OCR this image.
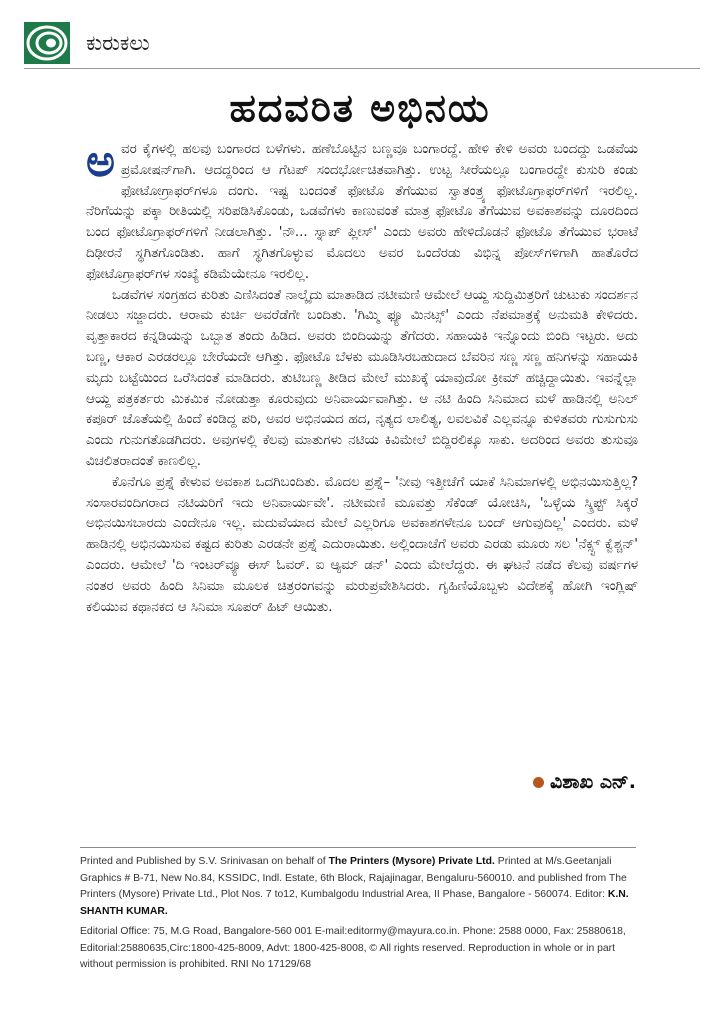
ಕುರುಕಲು
ಹದವರಿತ ಅಭಿನಯ

ಅವರ ಕೈಗಳಲ್ಲಿ ಹಲವು ಬಂಗಾರದ ಬಳೆಗಳು. ಹಣೆಬೊಟ್ಟಿನ ಬಣ್ಣವೂ ಬಂಗಾರದ್ದೆ. ಹೇಳಿ ಕೇಳಿ ಅವರು ಬಂದದ್ದು ಒಡವೆಯ ಪ್ರಮೋಷನ್‌ಗಾಗಿ. ಆದದ್ದರಿಂದ ಆ ಗೆಟಪ್ ಸಂದರ್ಭೋಚಿತವಾಗಿತ್ತು. ಉಟ್ಟ ಸೀರೆಯಲ್ಲೂ ಬಂಗಾರದ್ದೇ ಕುಸುರಿ ಕಂಡು ಫೋಟೋಗ್ರಾಫರ್‌ಗಳೂ ದಂಗು. ಇಷ್ಟ ಬಂದಂತೆ ಫೋಟೊ ತೆಗೆಯುವ ಸ್ವಾತಂತ್ರ್ಯ ಫೋಟೊಗ್ರಾಫರ್‌ಗಳಿಗೆ ಇರಲಿಲ್ಲ. ನೆರಿಗೆಯನ್ನು ಪಕ್ಕಾ ರೀತಿಯಲ್ಲಿ ಸರಿಪಡಿಸಿಕೊಂಡು, ಒಡವೆಗಳು ಕಾಣುವಂತೆ ಮಾತ್ರ ಫೋಟೊ ತೆಗೆಯುವ ಅವಕಾಶವನ್ನು ದೂರದಿಂದ ಬಂದ ಫೋಟೊಗ್ರಾಫರ್‌ಗಳಿಗೆ ನೀಡಲಾಗಿತ್ತು. 'ನೌ... ಸ್ನಾಪ್ ಪ್ಲೀಸ್' ಎಂದು ಅವರು ಹೇಳಿದೊಡನೆ ಫೋಟೊ ತೆಗೆಯುವ ಭರಾಟೆ ದಿಢೀರನೆ ಸ್ಥಗಿತಗೊಂಡಿತು. ಹಾಗೆ ಸ್ಥಗಿತಗೊಳ್ಳುವ ಮೊದಲು ಅವರ ಒಂದೆರಡು ವಿಭಿನ್ನ ಪೋಸ್‌ಗಳಿಗಾಗಿ ಹಾತೊರೆದ ಫೋಟೊಗ್ರಾಫರ್‌ಗಳ ಸಂಖ್ಯೆ ಕಡಿಮೆಯೇನೂ ಇರಲಿಲ್ಲ.

ಒಡವೆಗಳ ಸಂಗ್ರಹದ ಕುರಿತು ಎಣಿಸಿದಂತೆ ನಾಲ್ಕೈದು ಮಾತಾಡಿದ ನಟೀಮಣಿ ಆಮೇಲೆ ಆಯ್ದ ಸುದ್ದಿಮಿತ್ರರಿಗೆ ಚುಟುಕು ಸಂದರ್ಶನ ನೀಡಲು ಸಜ್ಜಾದರು. ಆರಾಮ ಕುರ್ಚಿ ಅವರೆಡೆಗೇ ಬಂದಿತು. 'ಗಿಮ್ಮಿ ಫ್ಯೂ ಮಿನಟ್ಸ್' ಎಂದು ನೆಪಮಾತ್ರಕ್ಕೆ ಅನುಮತಿ ಕೇಳಿದರು. ವೃತ್ತಾಕಾರದ ಕನ್ನಡಿಯನ್ನು ಒಬ್ಬಾತ ತಂದು ಹಿಡಿದ. ಅವರು ಬಿಂದಿಯನ್ನು ತೆಗೆದರು. ಸಹಾಯಕಿ ಇನ್ನೊಂದು ಬಿಂದಿ ಇಟ್ಟರು. ಅದು ಬಣ್ಣ, ಆಕಾರ ಎರಡರಲ್ಲೂ ಬೇರೆಯದೇ ಆಗಿತ್ತು. ಫೋಟೊ ಬೆಳಕು ಮೂಡಿಸಿರಬಹುದಾದ ಬೆವರಿನ ಸಣ್ಣ ಸಣ್ಣ ಹನಿಗಳನ್ನು ಸಹಾಯಕಿ ಮೃದು ಬಟ್ಟೆಯಿಂದ ಒರೆಸಿದಂತೆ ಮಾಡಿದರು. ತುಟಿಬಣ್ಣ ತೀಡಿದ ಮೇಲೆ ಮುಖಕ್ಕೆ ಯಾವುದೋ ಕ್ರೀಮ್ ಹಚ್ಚಿದ್ದಾಯಿತು. ಇವನ್ನೆಲ್ಲಾ ಆಯ್ದ ಪತ್ರಕರ್ತರು ಮಿಕಮಿಕ ನೋಡುತ್ತಾ ಕೂರುವುದು ಅನಿವಾರ್ಯವಾಗಿತ್ತು. ಆ ನಟಿ ಹಿಂದಿ ಸಿನಿಮಾದ ಮಳೆ ಹಾಡಿನಲ್ಲಿ ಅನಿಲ್ ಕಪೂರ್ ಜೊತೆಯಲ್ಲಿ ಹಿಂದೆ ಕಂಡಿದ್ದ ಪರಿ, ಅವರ ಅಭಿನಯದ ಹದ, ನೃತ್ಯದ ಲಾಲಿತ್ಯ, ಲವಲವಿಕೆ ಎಲ್ಲವನ್ನೂ ಕುಳಿತವರು ಗುಸುಗುಸು ಎಂದು ಗುನುಗತೊಡಗಿದರು. ಅವುಗಳಲ್ಲಿ ಕೆಲವು ಮಾತುಗಳು ನಟಿಯ ಕಿವಿಮೇಲೆ ಬಿದ್ದಿರಲಿಕ್ಕೂ ಸಾಕು. ಅದರಿಂದ ಅವರು ತುಸುವೂ ವಿಚಲಿತರಾದಂತೆ ಕಾಣಲಿಲ್ಲ.

ಕೊನೆಗೂ ಪ್ರಶ್ನೆ ಕೇಳುವ ಅವಕಾಶ ಒದಗಿಬಂದಿತು. ಮೊದಲ ಪ್ರಶ್ನೆ– 'ನೀವು ಇತ್ತೀಚೆಗೆ ಯಾಕೆ ಸಿನಿಮಾಗಳಲ್ಲಿ ಅಭಿನಯಿಸುತ್ತಿಲ್ಲ? ಸಂಸಾರವಂದಿಗರಾದ ನಟಿಯರಿಗೆ ಇದು ಅನಿವಾರ್ಯವೇ'. ನಟೀಮಣಿ ಮೂವತ್ತು ಸೆಕೆಂಡ್ ಯೋಚಿಸಿ, 'ಒಳ್ಳೆಯ ಸ್ಕ್ರಿಪ್ಟ್ ಸಿಕ್ಕರೆ ಅಭಿನಯಿಸಬಾರದು ಎಂದೇನೂ ಇಲ್ಲ. ಮದುವೆಯಾದ ಮೇಲೆ ಎಲ್ಲರಿಗೂ ಅವಕಾಶಗಳೇನೂ ಬಂದ್ ಆಗುವುದಿಲ್ಲ' ಎಂದರು. ಮಳೆ ಹಾಡಿನಲ್ಲಿ ಅಭಿನಯಿಸುವ ಕಷ್ಟದ ಕುರಿತು ಎರಡನೇ ಪ್ರಶ್ನೆ ಎದುರಾಯಿತು. ಅಲ್ಲಿಂದಾಚೆಗೆ ಅವರು ಎರಡು ಮೂರು ಸಲ 'ನೆಕ್ಸ್ಟ್ ಕ್ವೆಶ್ಚನ್' ಎಂದರು. ಆಮೇಲೆ 'ದಿ ಇಂಟರ್‌ವ್ಯೂ ಈಸ್ ಓವರ್. ಐ ಆ್ಯಮ್ ಡನ್' ಎಂದು ಮೇಲೆದ್ದರು. ಈ ಘಟನೆ ನಡೆದ ಕೆಲವು ವರ್ಷಗಳ ನಂತರ ಅವರು ಹಿಂದಿ ಸಿನಿಮಾ ಮೂಲಕ ಚಿತ್ರರಂಗವನ್ನು ಮರುಪ್ರವೇಶಿಸಿದರು. ಗೃಹಿಣಿಯೊಬ್ಬಳು ವಿದೇಶಕ್ಕೆ ಹೋಗಿ ಇಂಗ್ಲಿಷ್ ಕಲಿಯುವ ಕಥಾನಕದ ಆ ಸಿನಿಮಾ ಸೂಪರ್ ಹಿಟ್ ಆಯಿತು.

ವಿಶಾಖ ಎನ್.

Printed and Published by S.V. Srinivasan on behalf of The Printers (Mysore) Private Ltd. Printed at M/s.Geetanjali Graphics # B-71, New No.84, KSSIDC, Indl. Estate, 6th Block, Rajajinagar, Bengaluru-560010. and published from The Printers (Mysore) Private Ltd., Plot Nos. 7 to12, Kumbalgodu Industrial Area, II Phase, Bangalore - 560074. Editor: K.N. SHANTH KUMAR.

Editorial Office: 75, M.G Road, Bangalore-560 001 E-mail:editormy@mayura.co.in. Phone: 2588 0000, Fax: 25880618, Editorial:25880635,Circ:1800-425-8009, Advt: 1800-425-8008, © All rights reserved. Reproduction in whole or in part without permission is prohibited. RNI No 17129/68
